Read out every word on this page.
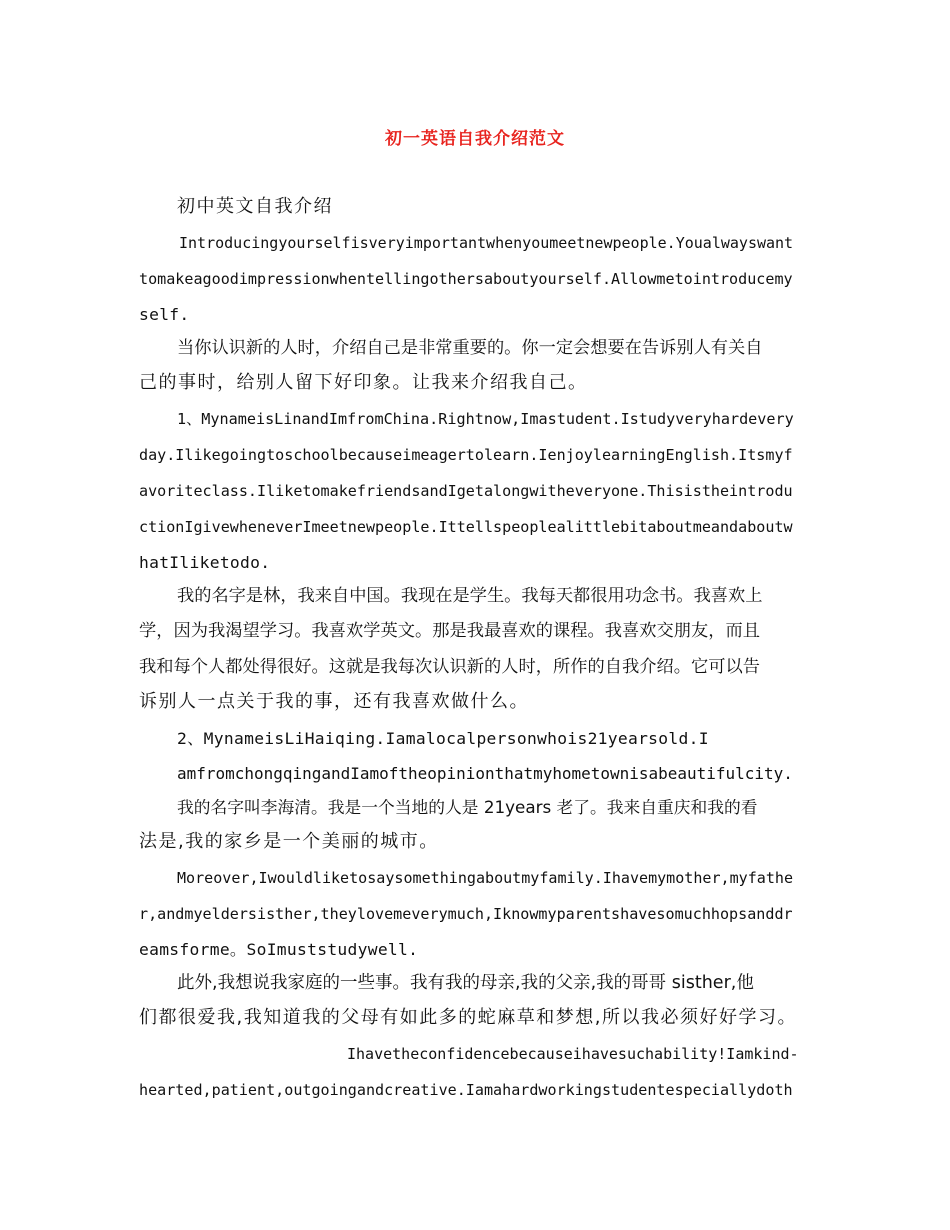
初一英语自我介绍范文
初中英文自我介绍
Introducingyourselfisveryimportantwhenyoumeetnewpeople.Youalwayswant
tomakeagoodimpressionwhentellingothersaboutyourself.Allowmetointroducemy
self.
当你认识新的人时，介绍自己是非常重要的。你一定会想要在告诉别人有关自
己的事时，给别人留下好印象。让我来介绍我自己。
1、MynameisLinandImfromChina.Rightnow,Imastudent.Istudyveryhardevery
day.Ilikegoingtoschoolbecauseimeagertolearn.IenjoylearningEnglish.Itsmyf
avoriteclass.IliketomakefriendsandIgetalongwitheveryone.Thisistheintrodu
ctionIgivewheneverImeetnewpeople.Ittellspeoplealittlebitaboutmeandaboutw
hatIliketodo.
我的名字是林，我来自中国。我现在是学生。我每天都很用功念书。我喜欢上
学，因为我渴望学习。我喜欢学英文。那是我最喜欢的课程。我喜欢交朋友，而且
我和每个人都处得很好。这就是我每次认识新的人时，所作的自我介绍。它可以告
诉别人一点关于我的事，还有我喜欢做什么。
2、MynameisLiHaiqing.Iamalocalpersonwhois21yearsold.I
amfromchongqingandIamoftheopinionthatmyhometownisabeautifulcity.
我的名字叫李海清。我是一个当地的人是 21years 老了。我来自重庆和我的看
法是,我的家乡是一个美丽的城市。
Moreover,Iwouldliketosaysomethingaboutmyfamily.Ihavemymother,myfathe
r,andmyeldersisther,theylovemeverymuch,Iknowmyparentshavesomuchhopsanddr
eamsforme。SoImuststudywell.
此外,我想说我家庭的一些事。我有我的母亲,我的父亲,我的哥哥 sisther,他
们都很爱我,我知道我的父母有如此多的蛇麻草和梦想,所以我必须好好学习。
Ihavetheconfidencebecauseihavesuchability!Iamkind-
hearted,patient,outgoingandcreative.Iamahardworkingstudentespeciallydoth
